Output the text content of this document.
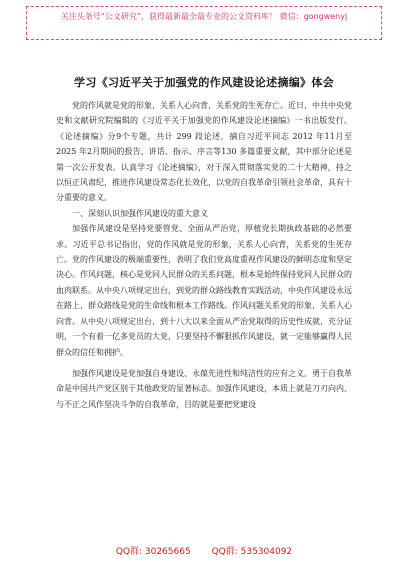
关注头条号“公文研究”，获得最新最全最专业的公文资料库！ 微信：gongwenyj
学习《习近平关于加强党的作风建设论述摘编》体会

党的作风就是党的形象，关系人心向背，关系党的生死存亡。近日，中共中央党史和文献研究院编辑的《习近平关于加强党的作风建设论述摘编》一书出版发行。《论述摘编》分9个专题，共计 299 段论述，摘自习近平同志 2012 年11月至2025 年2月期间的报告、讲话、指示、序言等130 多篇重要文献，其中部分论述是第一次公开发表。认真学习《论述摘编》，对于深入贯彻落实党的二十大精神，持之以恒正风肃纪，推进作风建设常态化长效化，以党的自我革命引领社会革命，具有十分重要的意义。

一、深刻认识加强作风建设的重大意义

加强作风建设是坚持党要管党、全面从严治党，厚植党长期执政基础的必然要求。习近平总书记指出，党的作风就是党的形象，关系人心向背，关系党的生死存亡。党的作风建设的极端重要性，表明了我们党高度重视作风建设的鲜明态度和坚定决心。作风问题，核心是党同人民群众的关系问题，根本是始终保持党同人民群众的血肉联系。从中央八项规定出台，到党的群众路线教育实践活动，中央作风建设永远在路上，群众路线是党的生命线和根本工作路线。作风问题关系党的形象，关系人心向背。从中央八项规定出台，到十八大以来全面从严治党取得的历史性成就，充分证明，一个有着一亿多党员的大党，只要坚持不懈狠抓作风建设，就一定能够赢得人民群众的信任和拥护。

加强作风建设是党加强自身建设、永葆先进性和纯洁性的应有之义。勇于自我革命是中国共产党区别于其他政党的显著标志。加强作风建设，本质上就是刀刃向内、与不正之风作坚决斗争的自我革命，目的就是要把党建设

QQ群: 30265665 QQ群: 535304092
